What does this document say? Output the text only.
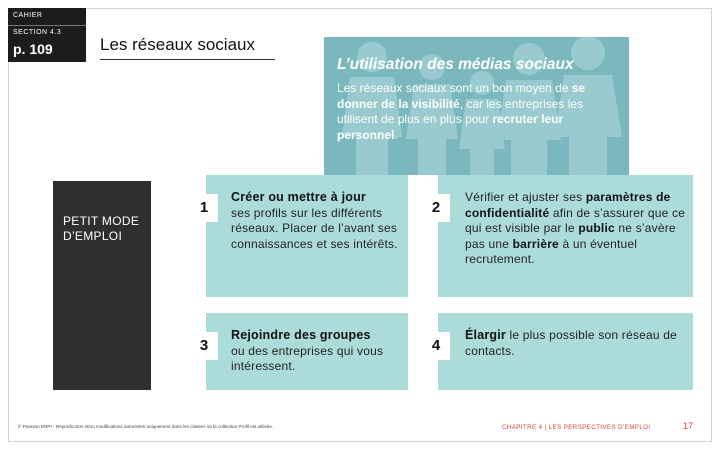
CAHIER
SECTION 4.3
p. 109	Les réseaux sociaux
L’utilisation des médias sociaux

Les réseaux sociaux sont un bon moyen de se donner de la visibilité, car les entreprises les utilisent de plus en plus pour recruter leur personnel.

PETIT MODE D’EMPLOI
1	2
3	4
Créer ou mettre à jour
ses profils sur les différents réseaux. Placer de l’avant ses connaissances et ses intérêts.
Vérifier et ajuster ses paramètres de confidentialité afin de s’assurer que ce qui est visible par le public ne s’avère pas une barrière à un éventuel recrutement.
Rejoindre des groupes
ou des entreprises qui vous intéressent.
Élargir le plus possible son réseau de contacts.
© Pearson ERPI · Reproduction et/ou modifications autorisées uniquement dans les classes où la collection Profil est utilisée.	CHAPITRE 4 | LES PERSPECTIVES D’EMPLOI	17
